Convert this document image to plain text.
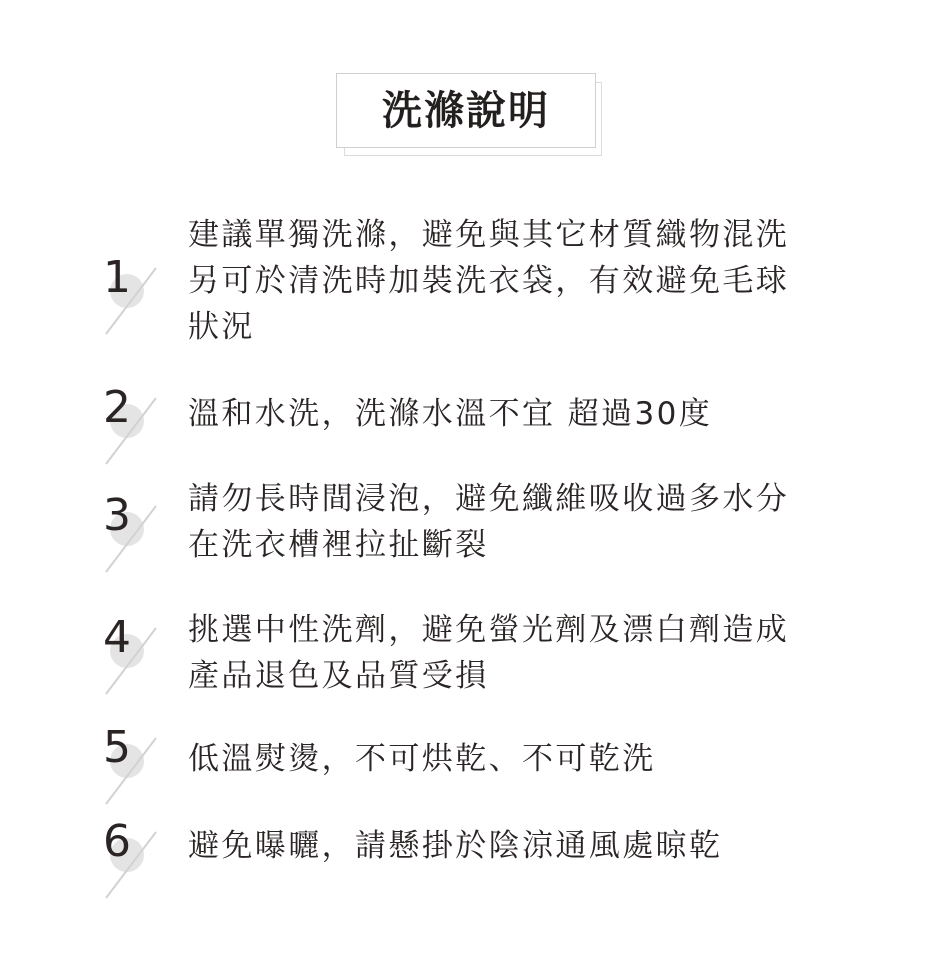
洗滌說明
1
建議單獨洗滌，避免與其它材質織物混洗
另可於清洗時加裝洗衣袋，有效避免毛球
狀況
2 溫和水洗，洗滌水溫不宜 超過30度
3 請勿長時間浸泡，避免纖維吸收過多水分
在洗衣槽裡拉扯斷裂
4 挑選中性洗劑，避免螢光劑及漂白劑造成
產品退色及品質受損
5 低溫熨燙，不可烘乾、不可乾洗
6 避免曝曬，請懸掛於陰涼通風處晾乾
